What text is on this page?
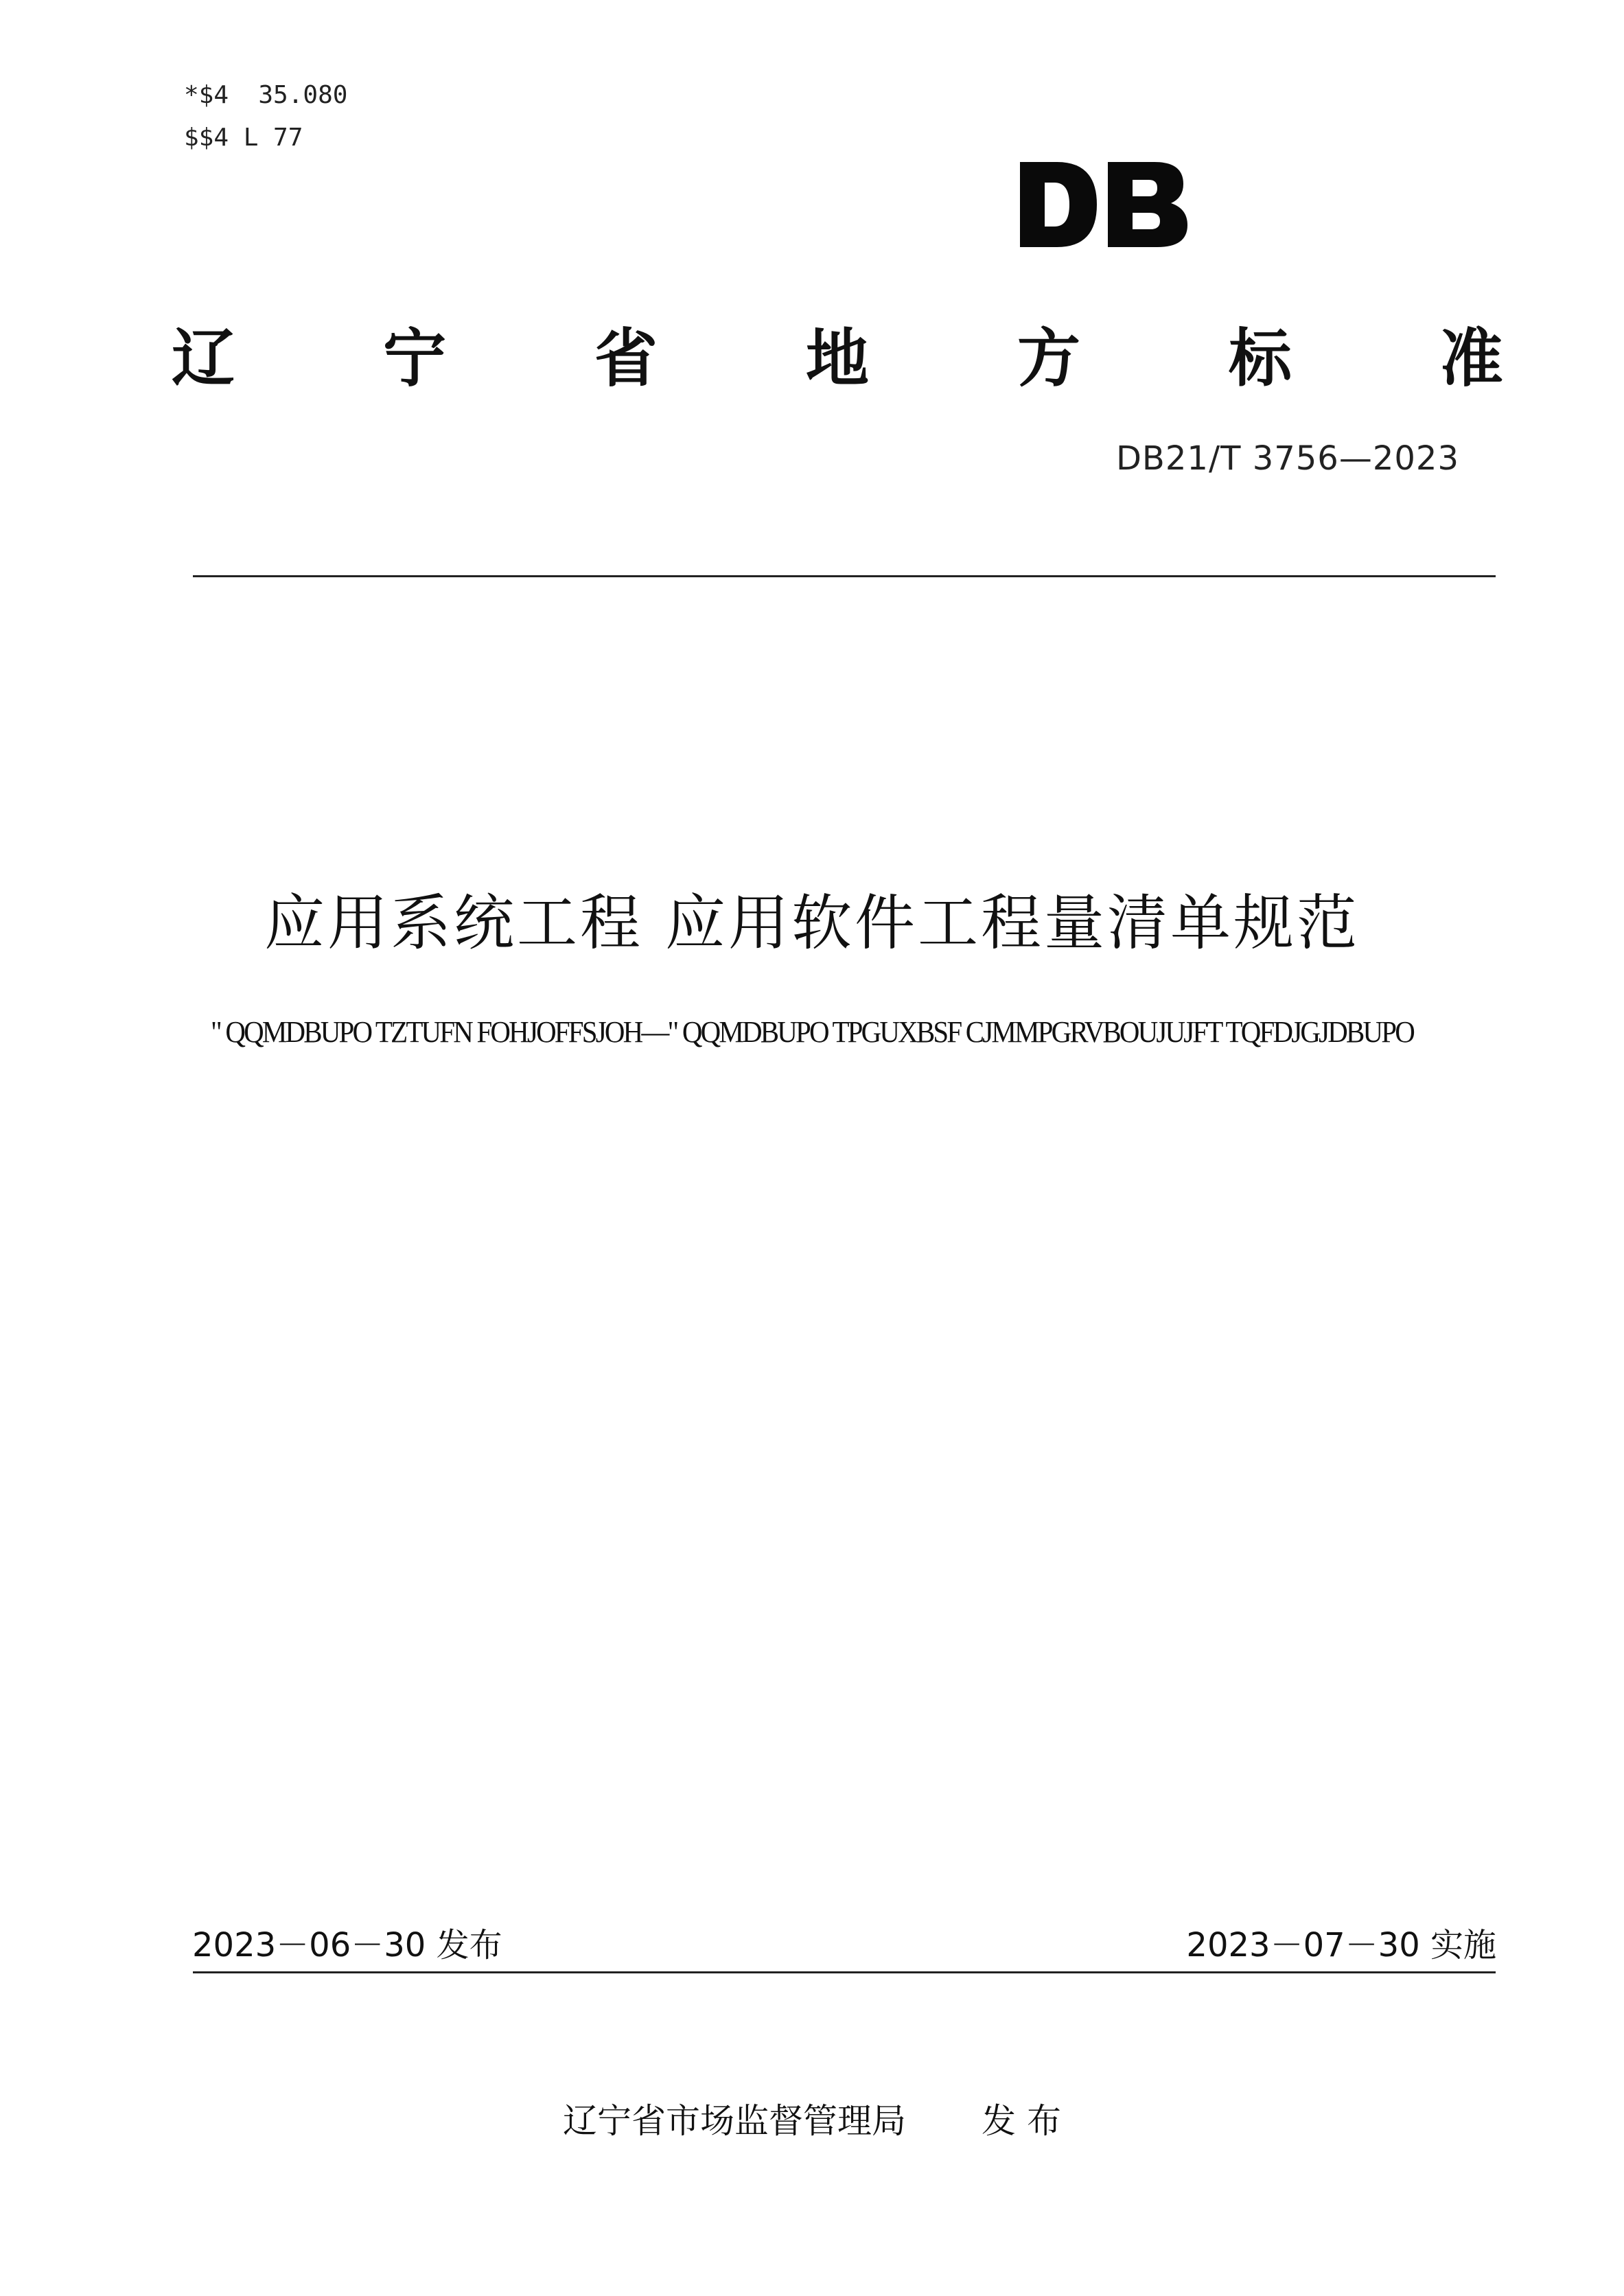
*$4  35.080
$$4 L 77
辽 宁 省 地 方 标 准
DB21/T 3756—2023
应用系统工程 应用软件工程量清单规范
" QQMDBUPO TZTUFN FOHJOFFSJOH—" QQMDBUPO TPGUXBSF CJMMPGRVBOUJUJFT TQFDJGJDBUPO
2023－06－30 发布	2023－07－30 实施
辽宁省市场监督管理局 发 布
